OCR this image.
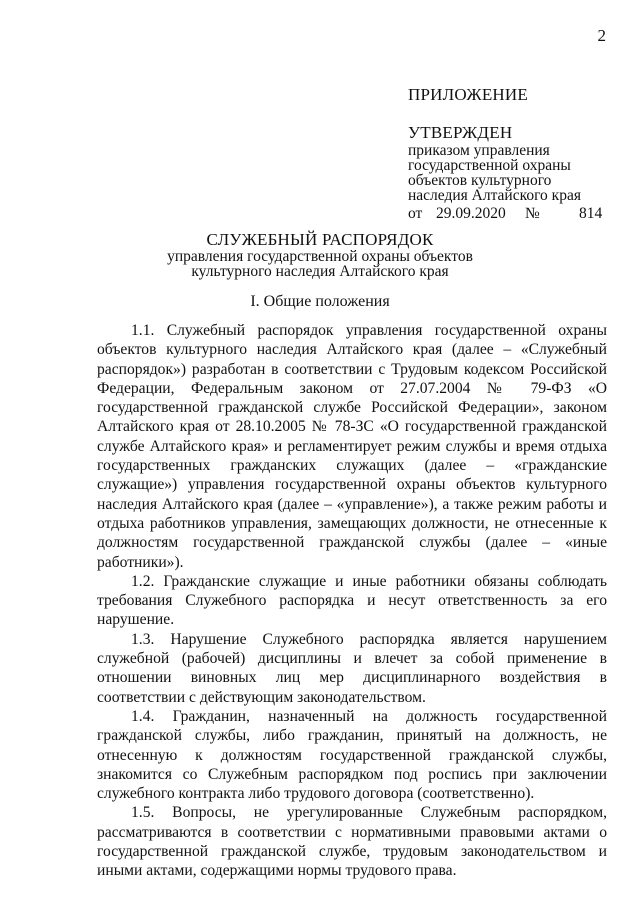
2
ПРИЛОЖЕНИЕ
УТВЕРЖДЕН
приказом управления
государственной охраны
объектов культурного
наследия Алтайского края
от 29.09.2020 №	814
СЛУЖЕБНЫЙ РАСПОРЯДОК
управления государственной охраны объектов
культурного наследия Алтайского края
I. Общие положения

1.1. Служебный распорядок управления государственной охраны объектов культурного наследия Алтайского края (далее – «Служебный распорядок») разработан в соответствии с Трудовым кодексом Российской Федерации, Федеральным законом от 27.07.2004 № 79-ФЗ «О государственной гражданской службе Российской Федерации», законом Алтайского края от 28.10.2005 № 78-ЗС «О государственной гражданской службе Алтайского края» и регламентирует режим службы и время отдыха государственных гражданских служащих (далее – «гражданские служащие») управления государственной охраны объектов культурного наследия Алтайского края (далее – «управление»), а также режим работы и отдыха работников управления, замещающих должности, не отнесенные к должностям государственной гражданской службы (далее – «иные работники»).

1.2. Гражданские служащие и иные работники обязаны соблюдать требования Служебного распорядка и несут ответственность за его нарушение.

1.3. Нарушение Служебного распорядка является нарушением служебной (рабочей) дисциплины и влечет за собой применение в отношении виновных лиц мер дисциплинарного воздействия в соответствии с действующим законодательством.

1.4. Гражданин, назначенный на должность государственной гражданской службы, либо гражданин, принятый на должность, не отнесенную к должностям государственной гражданской службы, знакомится со Служебным распорядком под роспись при заключении служебного контракта либо трудового договора (соответственно).

1.5. Вопросы, не урегулированные Служебным распорядком, рассматриваются в соответствии с нормативными правовыми актами о государственной гражданской службе, трудовым законодательством и иными актами, содержащими нормы трудового права.
